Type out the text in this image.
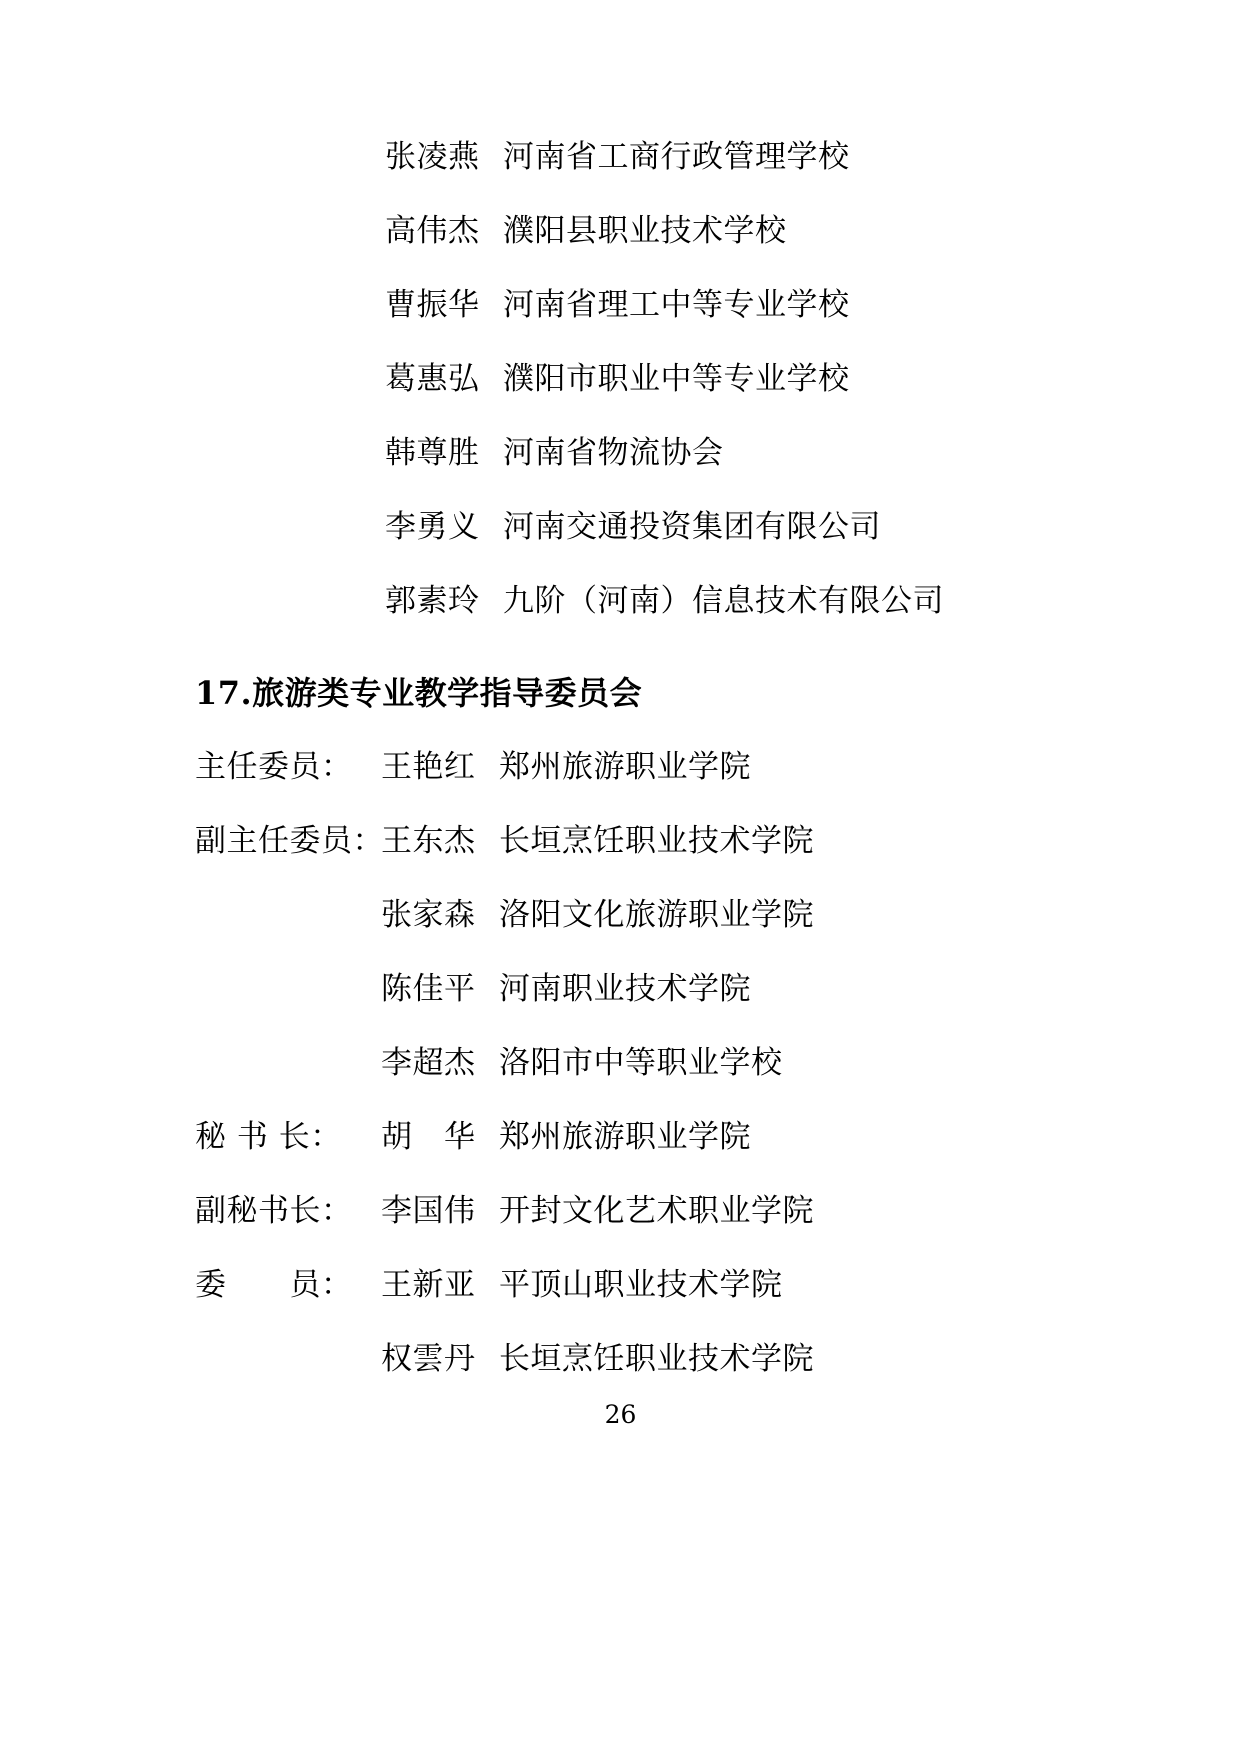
张凌燕 河南省工商行政管理学校
高伟杰 濮阳县职业技术学校
曹振华 河南省理工中等专业学校
葛惠弘 濮阳市职业中等专业学校
韩尊胜 河南省物流协会
李勇义 河南交通投资集团有限公司
郭素玲 九阶（河南）信息技术有限公司
17.旅游类专业教学指导委员会
主任委员： 王艳红 郑州旅游职业学院
副主任委员：王东杰 长垣烹饪职业技术学院
张家森 洛阳文化旅游职业学院
陈佳平 河南职业技术学院
李超杰 洛阳市中等职业学校
秘 书 长： 胡　华 郑州旅游职业学院
副秘书长： 李国伟 开封文化艺术职业学院
委　　员： 王新亚 平顶山职业技术学院
权雲丹 长垣烹饪职业技术学院
26
